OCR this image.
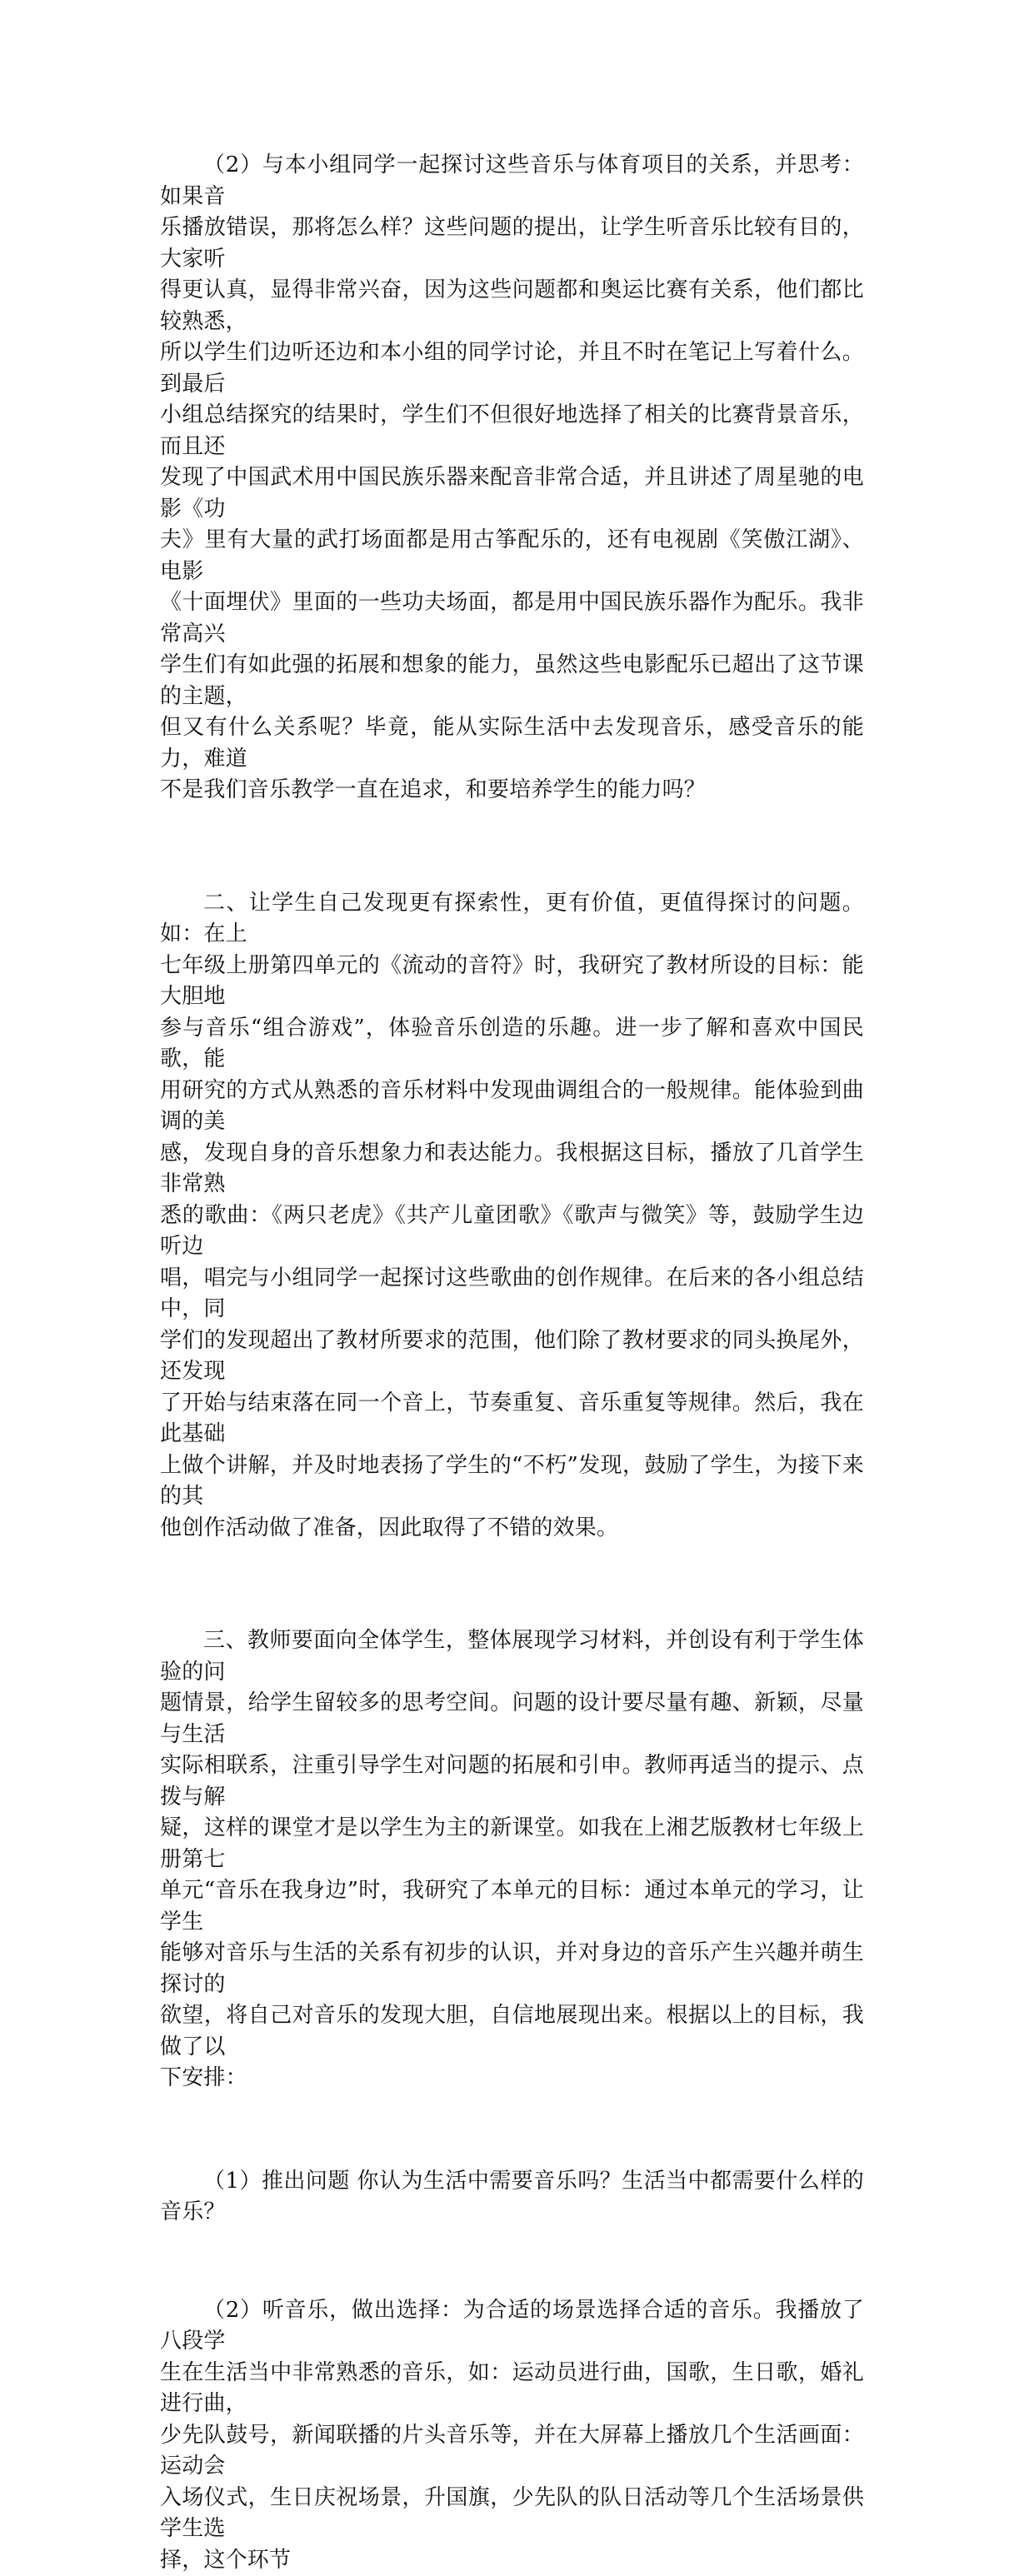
（2）与本小组同学一起探讨这些音乐与体育项目的关系，并思考：如果音
乐播放错误，那将怎么样？这些问题的提出，让学生听音乐比较有目的，大家听
得更认真，显得非常兴奋，因为这些问题都和奥运比赛有关系，他们都比较熟悉，
所以学生们边听还边和本小组的同学讨论，并且不时在笔记上写着什么。到最后
小组总结探究的结果时，学生们不但很好地选择了相关的比赛背景音乐，而且还
发现了中国武术用中国民族乐器来配音非常合适，并且讲述了周星驰的电影《功
夫》里有大量的武打场面都是用古筝配乐的，还有电视剧《笑傲江湖》、电影
《十面埋伏》里面的一些功夫场面，都是用中国民族乐器作为配乐。我非常高兴
学生们有如此强的拓展和想象的能力，虽然这些电影配乐已超出了这节课的主题，
但又有什么关系呢？毕竟，能从实际生活中去发现音乐，感受音乐的能力，难道
不是我们音乐教学一直在追求，和要培养学生的能力吗？

二、让学生自己发现更有探索性，更有价值，更值得探讨的问题。如：在上
七年级上册第四单元的《流动的音符》时，我研究了教材所设的目标：能大胆地
参与音乐“组合游戏”，体验音乐创造的乐趣。进一步了解和喜欢中国民歌，能
用研究的方式从熟悉的音乐材料中发现曲调组合的一般规律。能体验到曲调的美
感，发现自身的音乐想象力和表达能力。我根据这目标，播放了几首学生非常熟
悉的歌曲：《两只老虎》《共产儿童团歌》《歌声与微笑》等，鼓励学生边听边
唱，唱完与小组同学一起探讨这些歌曲的创作规律。在后来的各小组总结中，同
学们的发现超出了教材所要求的范围，他们除了教材要求的同头换尾外，还发现
了开始与结束落在同一个音上，节奏重复、音乐重复等规律。然后，我在此基础
上做个讲解，并及时地表扬了学生的“不朽”发现，鼓励了学生，为接下来的其
他创作活动做了准备，因此取得了不错的效果。

三、教师要面向全体学生，整体展现学习材料，并创设有利于学生体验的问
题情景，给学生留较多的思考空间。问题的设计要尽量有趣、新颖，尽量与生活
实际相联系，注重引导学生对问题的拓展和引申。教师再适当的提示、点拨与解
疑，这样的课堂才是以学生为主的新课堂。如我在上湘艺版教材七年级上册第七
单元“音乐在我身边”时，我研究了本单元的目标：通过本单元的学习，让学生
能够对音乐与生活的关系有初步的认识，并对身边的音乐产生兴趣并萌生探讨的
欲望，将自己对音乐的发现大胆，自信地展现出来。根据以上的目标，我做了以
下安排：

（1）推出问题 你认为生活中需要音乐吗？生活当中都需要什么样的音乐？

（2）听音乐，做出选择：为合适的场景选择合适的音乐。我播放了八段学
生在生活当中非常熟悉的音乐，如：运动员进行曲，国歌，生日歌，婚礼进行曲，
少先队鼓号，新闻联播的片头音乐等，并在大屏幕上播放几个生活画面：运动会
入场仪式，生日庆祝场景，升国旗，少先队的队日活动等几个生活场景供学生选
择，这个环节
